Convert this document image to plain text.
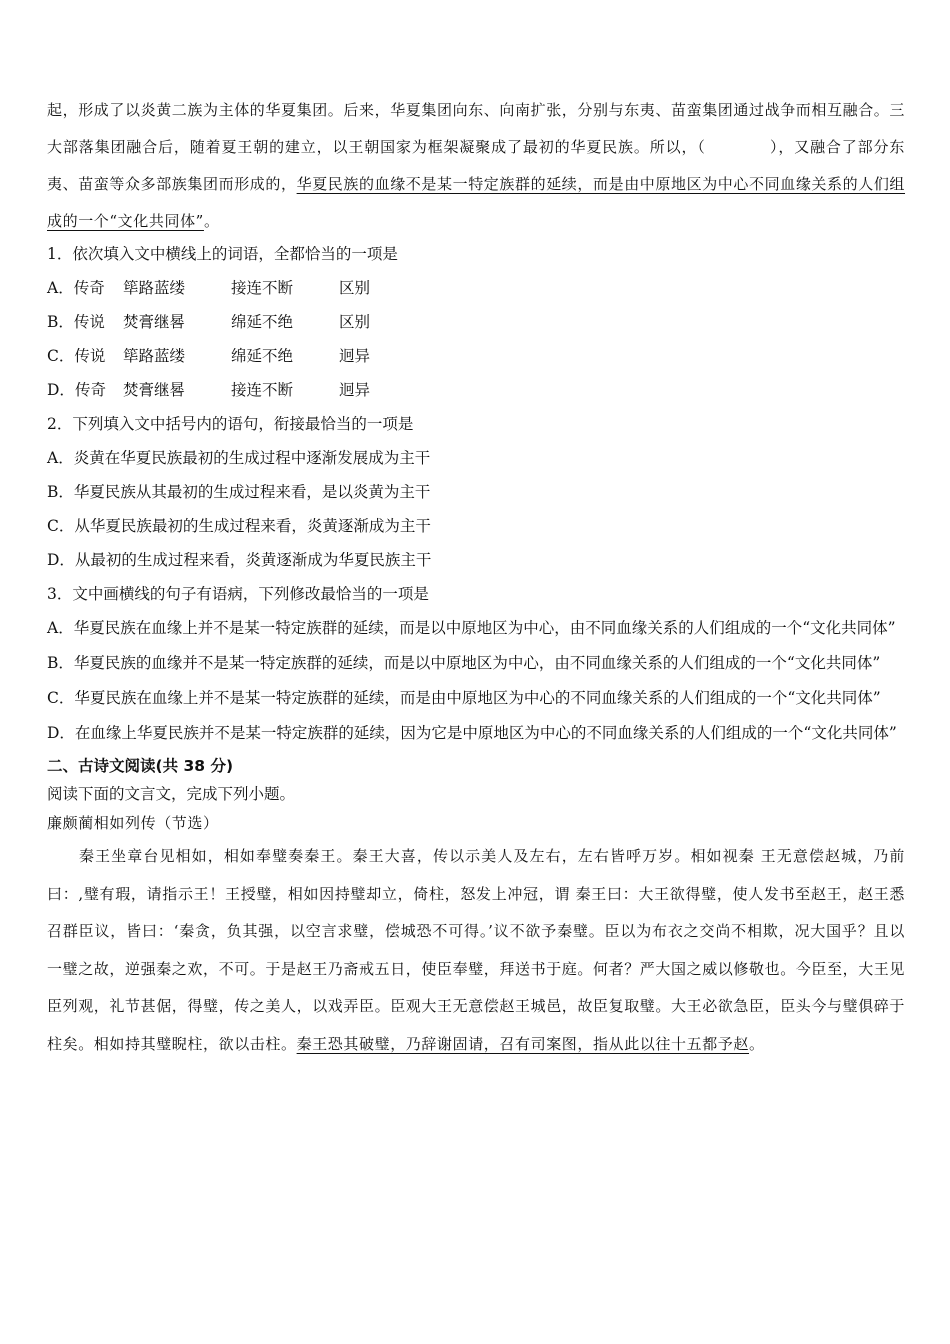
起，形成了以炎黄二族为主体的华夏集团。后来，华夏集团向东、向南扩张，分别与东夷、苗蛮集团通过战争而相互融合。三大部落集团融合后，随着夏王朝的建立，以王朝国家为框架凝聚成了最初的华夏民族。所以，（	），又融合了部分东夷、苗蛮等众多部族集团而形成的，华夏民族的血缘不是某一特定族群的延续，而是由中原地区为中心不同血缘关系的人们组成的一个“文化共同体”。
1．依次填入文中横线上的词语，全都恰当的一项是
A．传奇 筚路蓝缕	接连不断	区别
B．传说 焚膏继晷	绵延不绝	区别
C．传说 筚路蓝缕	绵延不绝	迥异
D．传奇 焚膏继晷	接连不断	迥异
2．下列填入文中括号内的语句，衔接最恰当的一项是
A．炎黄在华夏民族最初的生成过程中逐渐发展成为主干
B．华夏民族从其最初的生成过程来看，是以炎黄为主干
C．从华夏民族最初的生成过程来看，炎黄逐渐成为主干
D．从最初的生成过程来看，炎黄逐渐成为华夏民族主干
3．文中画横线的句子有语病，下列修改最恰当的一项是
A．华夏民族在血缘上并不是某一特定族群的延续，而是以中原地区为中心，由不同血缘关系的人们组成的一个“文化共同体”
B．华夏民族的血缘并不是某一特定族群的延续，而是以中原地区为中心，由不同血缘关系的人们组成的一个“文化共同体”
C．华夏民族在血缘上并不是某一特定族群的延续，而是由中原地区为中心的不同血缘关系的人们组成的一个“文化共同体”
D．在血缘上华夏民族并不是某一特定族群的延续，因为它是中原地区为中心的不同血缘关系的人们组成的一个“文化共同体”
二、古诗文阅读(共 38 分)
阅读下面的文言文，完成下列小题。
廉颇蔺相如列传（节选）
秦王坐章台见相如，相如奉璧奏秦王。秦王大喜，传以示美人及左右，左右皆呼万岁。相如视秦 王无意偿赵城，乃前曰：,璧有瑕，请指示王！王授璧，相如因持璧却立，倚柱，怒发上冲冠，谓 秦王曰：大王欲得璧，使人发书至赵王，赵王悉召群臣议，皆曰：‘秦贪，负其强，以空言求璧，偿城恐不可得。’议不欲予秦璧。臣以为布衣之交尚不相欺，况大国乎？且以一璧之故，逆强秦之欢，不可。于是赵王乃斋戒五日，使臣奉璧，拜送书于庭。何者？严大国之威以修敬也。今臣至，大王见 臣列观，礼节甚倨，得璧，传之美人，以戏弄臣。臣观大王无意偿赵王城邑，故臣复取璧。大王必欲急臣，臣头今与璧俱碎于柱矣。相如持其璧睨柱，欲以击柱。秦王恐其破璧，乃辞谢固请，召有司案图，指从此以往十五都予赵。
